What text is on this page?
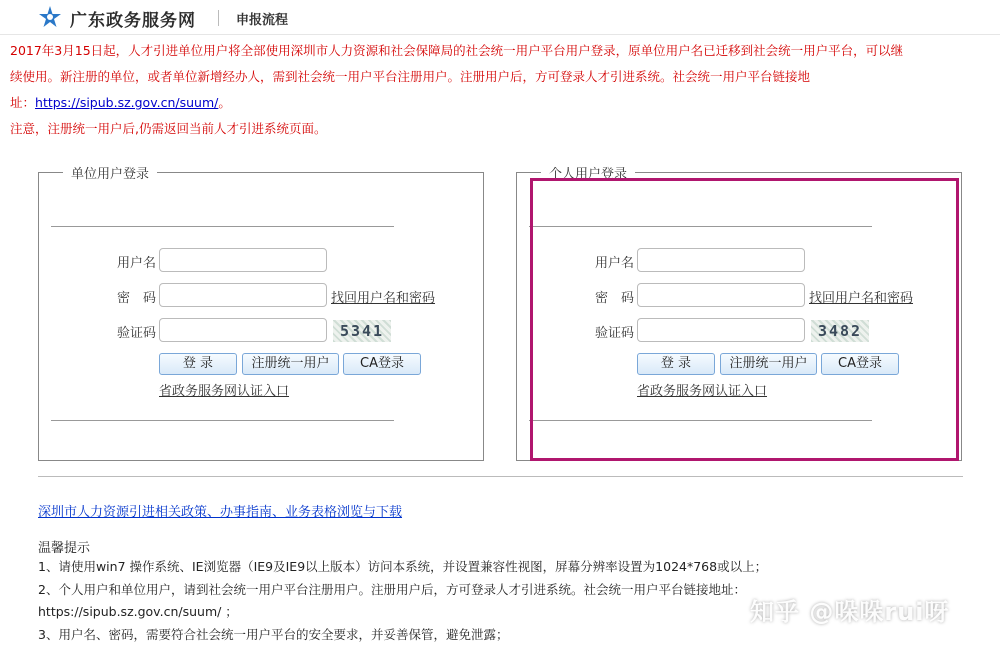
广东政务服务网	申报流程

2017年3月15日起，人才引进单位用户将全部使用深圳市人力资源和社会保障局的社会统一用户平台用户登录，原单位用户名已迁移到社会统一用户平台，可以继

续使用。新注册的单位，或者单位新增经办人，需到社会统一用户平台注册用户。注册用户后，方可登录人才引进系统。社会统一用户平台链接地

址：https://sipub.sz.gov.cn/suum/。

注意，注册统一用户后,仍需返回当前人才引进系统页面。

单位用户登录
用户名
密　码	找回用户名和密码
验证码	5341
登 录	注册统一用户	CA登录
省政务服务网认证入口
个人用户登录
用户名
密　码	找回用户名和密码
验证码	3482
登 录	注册统一用户	CA登录
省政务服务网认证入口
深圳市人力资源引进相关政策、办事指南、业务表格浏览与下载
温馨提示
1、请使用win7 操作系统、IE浏览器（IE9及IE9以上版本）访问本系统，并设置兼容性视图，屏幕分辨率设置为1024*768或以上；
2、个人用户和单位用户，请到社会统一用户平台注册用户。注册用户后，方可登录人才引进系统。社会统一用户平台链接地址：
https://sipub.sz.gov.cn/suum/ ；
3、用户名、密码，需要符合社会统一用户平台的安全要求，并妥善保管，避免泄露；
知乎 @哚哚rui呀
